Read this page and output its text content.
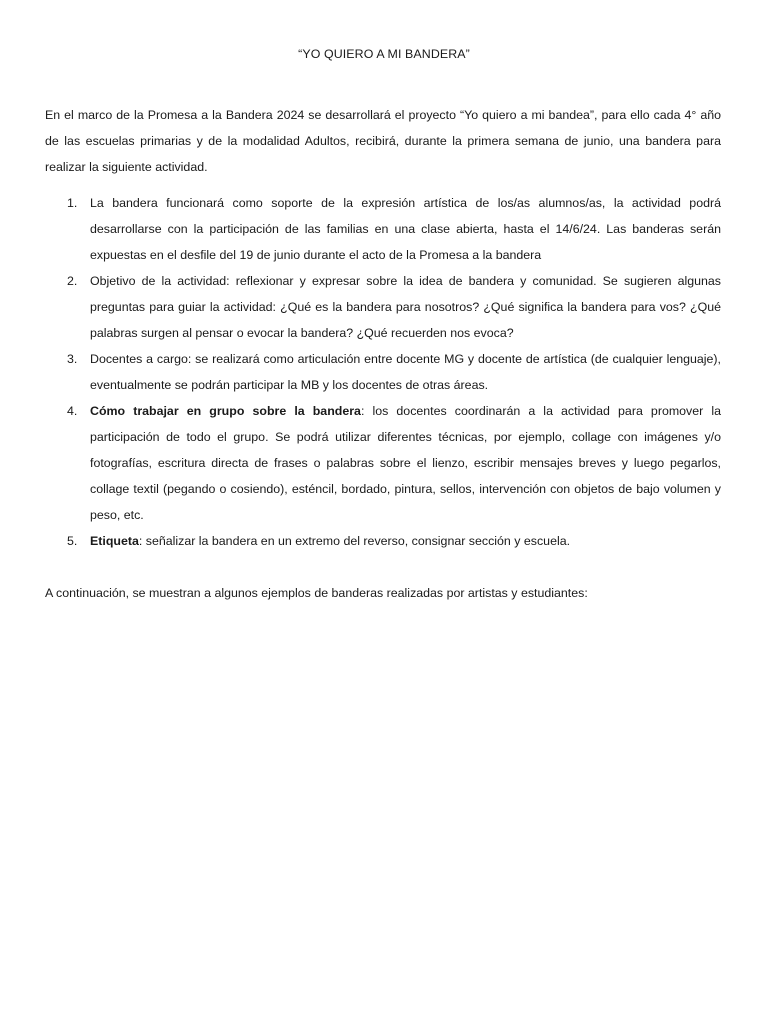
“YO QUIERO A MI BANDERA”

En el marco de la Promesa a la Bandera 2024 se desarrollará el proyecto “Yo quiero a mi bandea”, para ello cada 4° año de las escuelas primarias y de la modalidad Adultos, recibirá, durante la primera semana de junio, una bandera para realizar la siguiente actividad.

1. La bandera funcionará como soporte de la expresión artística de los/as alumnos/as, la actividad podrá desarrollarse con la participación de las familias en una clase abierta, hasta el 14/6/24. Las banderas serán expuestas en el desfile del 19 de junio durante el acto de la Promesa a la bandera
2. Objetivo de la actividad: reflexionar y expresar sobre la idea de bandera y comunidad. Se sugieren algunas preguntas para guiar la actividad: ¿Qué es la bandera para nosotros? ¿Qué significa la bandera para vos? ¿Qué palabras surgen al pensar o evocar la bandera? ¿Qué recuerden nos evoca?
3. Docentes a cargo: se realizará como articulación entre docente MG y docente de artística (de cualquier lenguaje), eventualmente se podrán participar la MB y los docentes de otras áreas.
4. Cómo trabajar en grupo sobre la bandera: los docentes coordinarán a la actividad para promover la participación de todo el grupo. Se podrá utilizar diferentes técnicas, por ejemplo, collage con imágenes y/o fotografías, escritura directa de frases o palabras sobre el lienzo, escribir mensajes breves y luego pegarlos, collage textil (pegando o cosiendo), esténcil, bordado, pintura, sellos, intervención con objetos de bajo volumen y peso, etc.
5. Etiqueta: señalizar la bandera en un extremo del reverso, consignar sección y escuela.

A continuación, se muestran a algunos ejemplos de banderas realizadas por artistas y estudiantes:
